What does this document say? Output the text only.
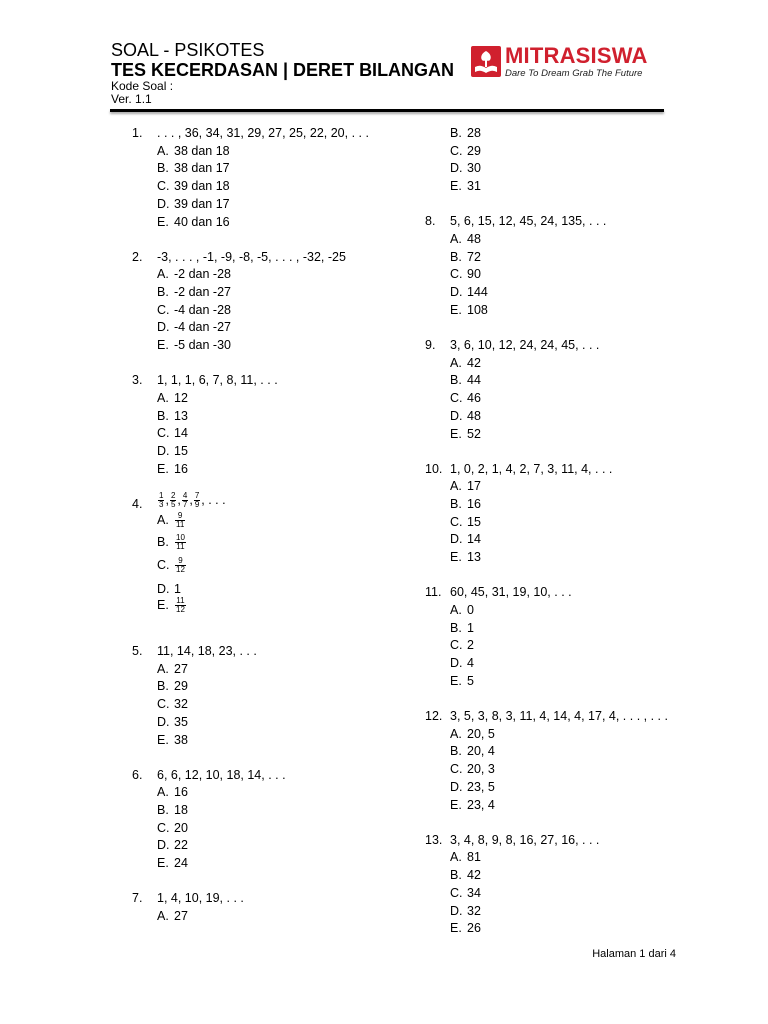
SOAL - PSIKOTES
TES KECERDASAN | DERET BILANGAN
Kode Soal :
Ver. 1.1
MITRASISWA
Dare To Dream Grab The Future
1. . . . , 36, 34, 31, 29, 27, 25, 22, 20, . . .
A. 38 dan 18
B. 38 dan 17
C. 39 dan 18
D. 39 dan 17
E. 40 dan 16
2. -3, . . . , -1, -9, -8, -5, . . . , -32, -25
A. -2 dan -28
B. -2 dan -27
C. -4 dan -28
D. -4 dan -27
E. -5 dan -30
3. 1, 1, 1, 6, 7, 8, 11, . . .
A. 12
B. 13
C. 14
D. 15
E. 16
4. $\frac{1}{3}$ , $\frac{2}{5}$ , $\frac{4}{7}$ , $\frac{7}{9}$ , . . .
A. $\frac{9}{11}$
B. $\frac{10}{11}$
C. $\frac{9}{12}$
D. 1
E. $\frac{11}{12}$
5. 11, 14, 18, 23, . . .
A. 27
B. 29
C. 32
D. 35
E. 38
6. 6, 6, 12, 10, 18, 14, . . .
A. 16
B. 18
C. 20
D. 22
E. 24
7. 1, 4, 10, 19, . . .
A. 27
B. 28
C. 29
D. 30
E. 31
8. 5, 6, 15, 12, 45, 24, 135, . . .
A. 48
B. 72
C. 90
D. 144
E. 108
9. 3, 6, 10, 12, 24, 24, 45, . . .
A. 42
B. 44
C. 46
D. 48
E. 52
10. 1, 0, 2, 1, 4, 2, 7, 3, 11, 4, . . .
A. 17
B. 16
C. 15
D. 14
E. 13
11. 60, 45, 31, 19, 10, . . .
A. 0
B. 1
C. 2
D. 4
E. 5
12. 3, 5, 3, 8, 3, 11, 4, 14, 4, 17, 4, . . . , . . .
A. 20, 5
B. 20, 4
C. 20, 3
D. 23, 5
E. 23, 4
13. 3, 4, 8, 9, 8, 16, 27, 16, . . .
A. 81
B. 42
C. 34
D. 32
E. 26
Halaman 1 dari 4
